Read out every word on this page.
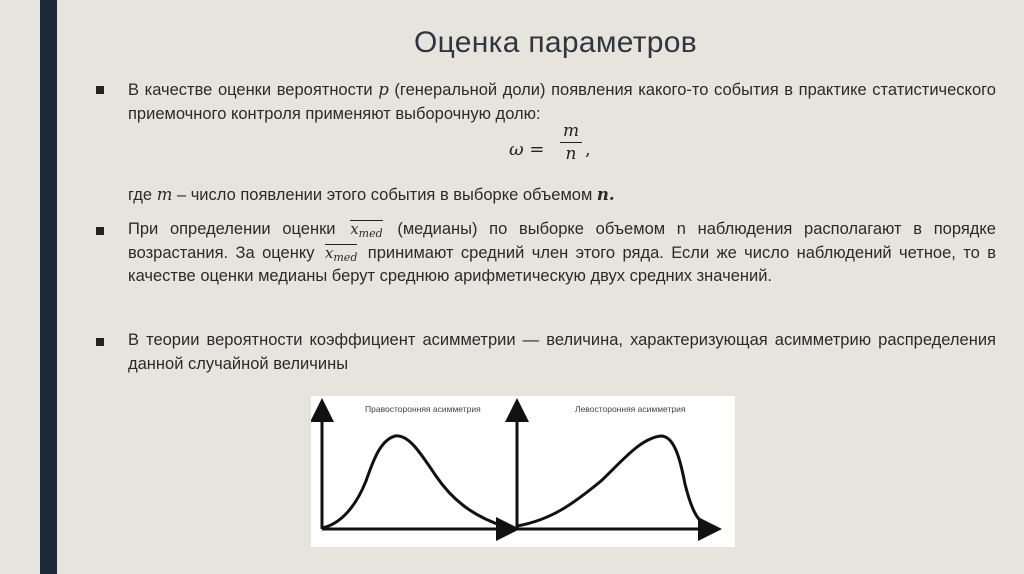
Оценка параметров

В качестве оценки вероятности p (генеральной доли) появления какого-то события в практике статистического приемочного контроля применяют выборочную долю:

ω =
m
n ,

где m – число появлении этого события в выборке объемом n.

При определении оценки $x_{med}$ (медианы) по выборке объемом n наблюдения располагают в порядке возрастания. За оценку $x_{med}$ принимают средний член этого ряда. Если же число наблюдений четное, то в качестве оценки медианы берут среднюю арифметическую двух средних значений.

В теории вероятности коэффициент асимметрии — величина, характеризующая асимметрию распределения данной случайной величины

Правосторонняя асимметрия	Левосторонняя асимметрия
